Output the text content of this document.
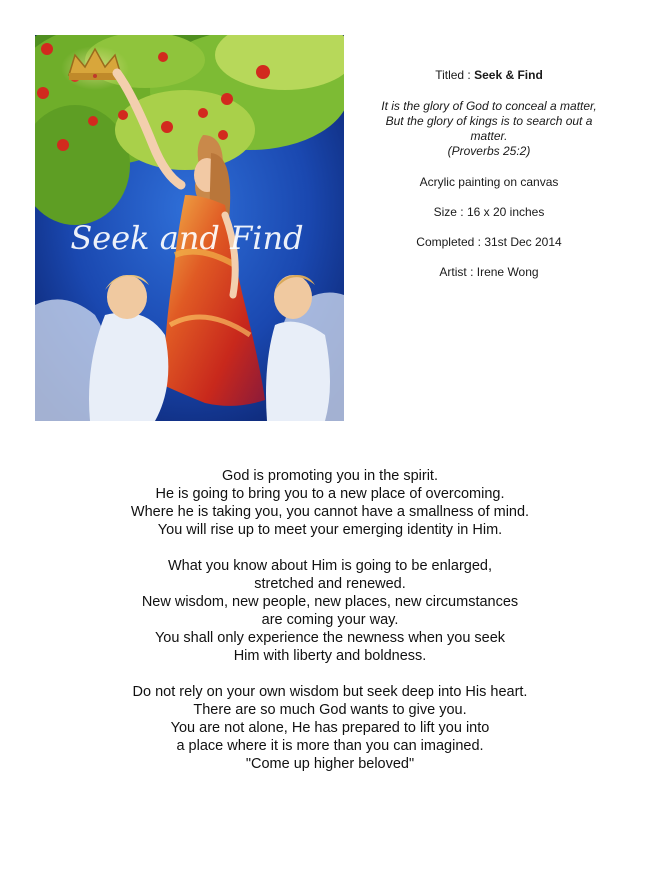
Seek and Find

Titled : Seek & Find

It is the glory of God to conceal a matter,
But the glory of kings is to search out a
matter.
(Proverbs 25:2)

Acrylic painting on canvas

Size : 16 x 20 inches

Completed : 31st Dec 2014

Artist : Irene Wong

God is promoting you in the spirit.
He is going to bring you to a new place of overcoming.
Where he is taking you, you cannot have a smallness of mind.
You will rise up to meet your emerging identity in Him.

What you know about Him is going to be enlarged,
stretched and renewed.
New wisdom, new people, new places, new circumstances
are coming your way.
You shall only experience the newness when you seek
Him with liberty and boldness.

Do not rely on your own wisdom but seek deep into His heart.
There are so much God wants to give you.
You are not alone, He has prepared to lift you into
a place where it is more than you can imagined.
"Come up higher beloved"
